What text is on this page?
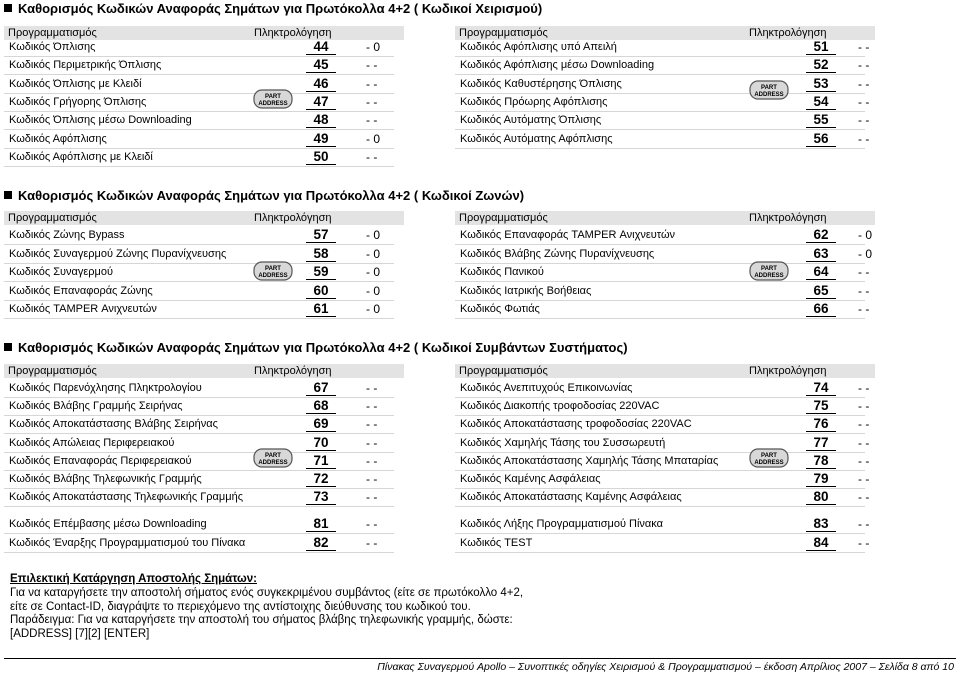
Καθορισμός Κωδικών Αναφοράς Σημάτων για Πρωτόκολλα 4+2 ( Κωδικοί Χειρισμού)
Προγραμματισμός	Πληκτρολόγηση	Προγραμματισμός	Πληκτρολόγηση
Καθορισμός Κωδικών Αναφοράς Σημάτων για Πρωτόκολλα 4+2 ( Κωδικοί Ζωνών)
Προγραμματισμός	Πληκτρολόγηση	Προγραμματισμός	Πληκτρολόγηση
Καθορισμός Κωδικών Αναφοράς Σημάτων για Πρωτόκολλα 4+2 ( Κωδικοί Συμβάντων Συστήματος)
Προγραμματισμός	Πληκτρολόγηση	Προγραμματισμός	Πληκτρολόγηση
Κωδικός Όπλισης	44	- 0
Κωδικός Περιμετρικής Όπλισης	45	- -
Κωδικός Όπλισης με Κλειδί	46	- -
Κωδικός Γρήγορης Όπλισης	47	- -
Κωδικός Όπλισης μέσω Downloading	48	- -
Κωδικός Αφόπλισης	49	- 0
Κωδικός Αφόπλισης με Κλειδί	50	- -
Κωδικός Αφόπλισης υπό Απειλή	51	- -
Κωδικός Αφόπλισης μέσω Downloading	52	- -
Κωδικός Καθυστέρησης Όπλισης	53	- -
Κωδικός Πρόωρης Αφόπλισης	54	- -
Κωδικός Αυτόματης Όπλισης	55	- -
Κωδικός Αυτόματης Αφόπλισης	56	- -
PART
ADDRESS
PART
ADDRESS
Κωδικός Ζώνης Bypass	57	- 0
Κωδικός Συναγερμού Ζώνης Πυρανίχνευσης	58	- 0
Κωδικός Συναγερμού	59	- 0
Κωδικός Επαναφοράς Ζώνης	60	- 0
Κωδικός TAMPER Ανιχνευτών	61	- 0
Κωδικός Επαναφοράς TAMPER Ανιχνευτών	62	- 0
Κωδικός Βλάβης Ζώνης Πυρανίχνευσης	63	- 0
Κωδικός Πανικού	64	- -
Κωδικός Ιατρικής Βοήθειας	65	- -
Κωδικός Φωτιάς	66	- -
PART
ADDRESS
PART
ADDRESS
Κωδικός Παρενόχλησης Πληκτρολογίου	67	- -
Κωδικός Βλάβης Γραμμής Σειρήνας	68	- -
Κωδικός Αποκατάστασης Βλάβης Σειρήνας	69	- -
Κωδικός Απώλειας Περιφερειακού	70	- -
Κωδικός Επαναφοράς Περιφερειακού	71	- -
Κωδικός Βλάβης Τηλεφωνικής Γραμμής	72	- -
Κωδικός Αποκατάστασης Τηλεφωνικής Γραμμής	73	- -
Κωδικός Ανεπιτυχούς Επικοινωνίας	74	- -
Κωδικός Διακοπής τροφοδοσίας 220VAC	75	- -
Κωδικός Αποκατάστασης τροφοδοσίας 220VAC	76	- -
Κωδικός Χαμηλής Τάσης του Συσσωρευτή	77	- -
Κωδικός Αποκατάστασης Χαμηλής Τάσης Μπαταρίας	78	- -
Κωδικός Καμένης Ασφάλειας	79	- -
Κωδικός Αποκατάστασης Καμένης Ασφάλειας	80	- -
Κωδικός Επέμβασης μέσω Downloading	81	- -
Κωδικός Έναρξης Προγραμματισμού του Πίνακα	82	- -
Κωδικός Λήξης Προγραμματισμού Πίνακα	83	- -
Κωδικός TEST	84	- -
PART
ADDRESS
PART
ADDRESS
Επιλεκτική Κατάργηση Αποστολής Σημάτων:
Για να καταργήσετε την αποστολή σήματος ενός συγκεκριμένου συμβάντος (είτε σε πρωτόκολλο 4+2,
είτε σε Contact-ID, διαγράψτε το περιεχόμενο της αντίστοιχης διεύθυνσης του κωδικού του.
Παράδειγμα: Για να καταργήσετε την αποστολή του σήματος βλάβης τηλεφωνικής γραμμής, δώστε:
[ADDRESS] [7][2] [ENTER]
Πίνακας Συναγερμού Apollo – Συνοπτικές οδηγίες Χειρισμού & Προγραμματισμού – έκδοση Απρίλιος 2007 – Σελίδα 8 από 10
